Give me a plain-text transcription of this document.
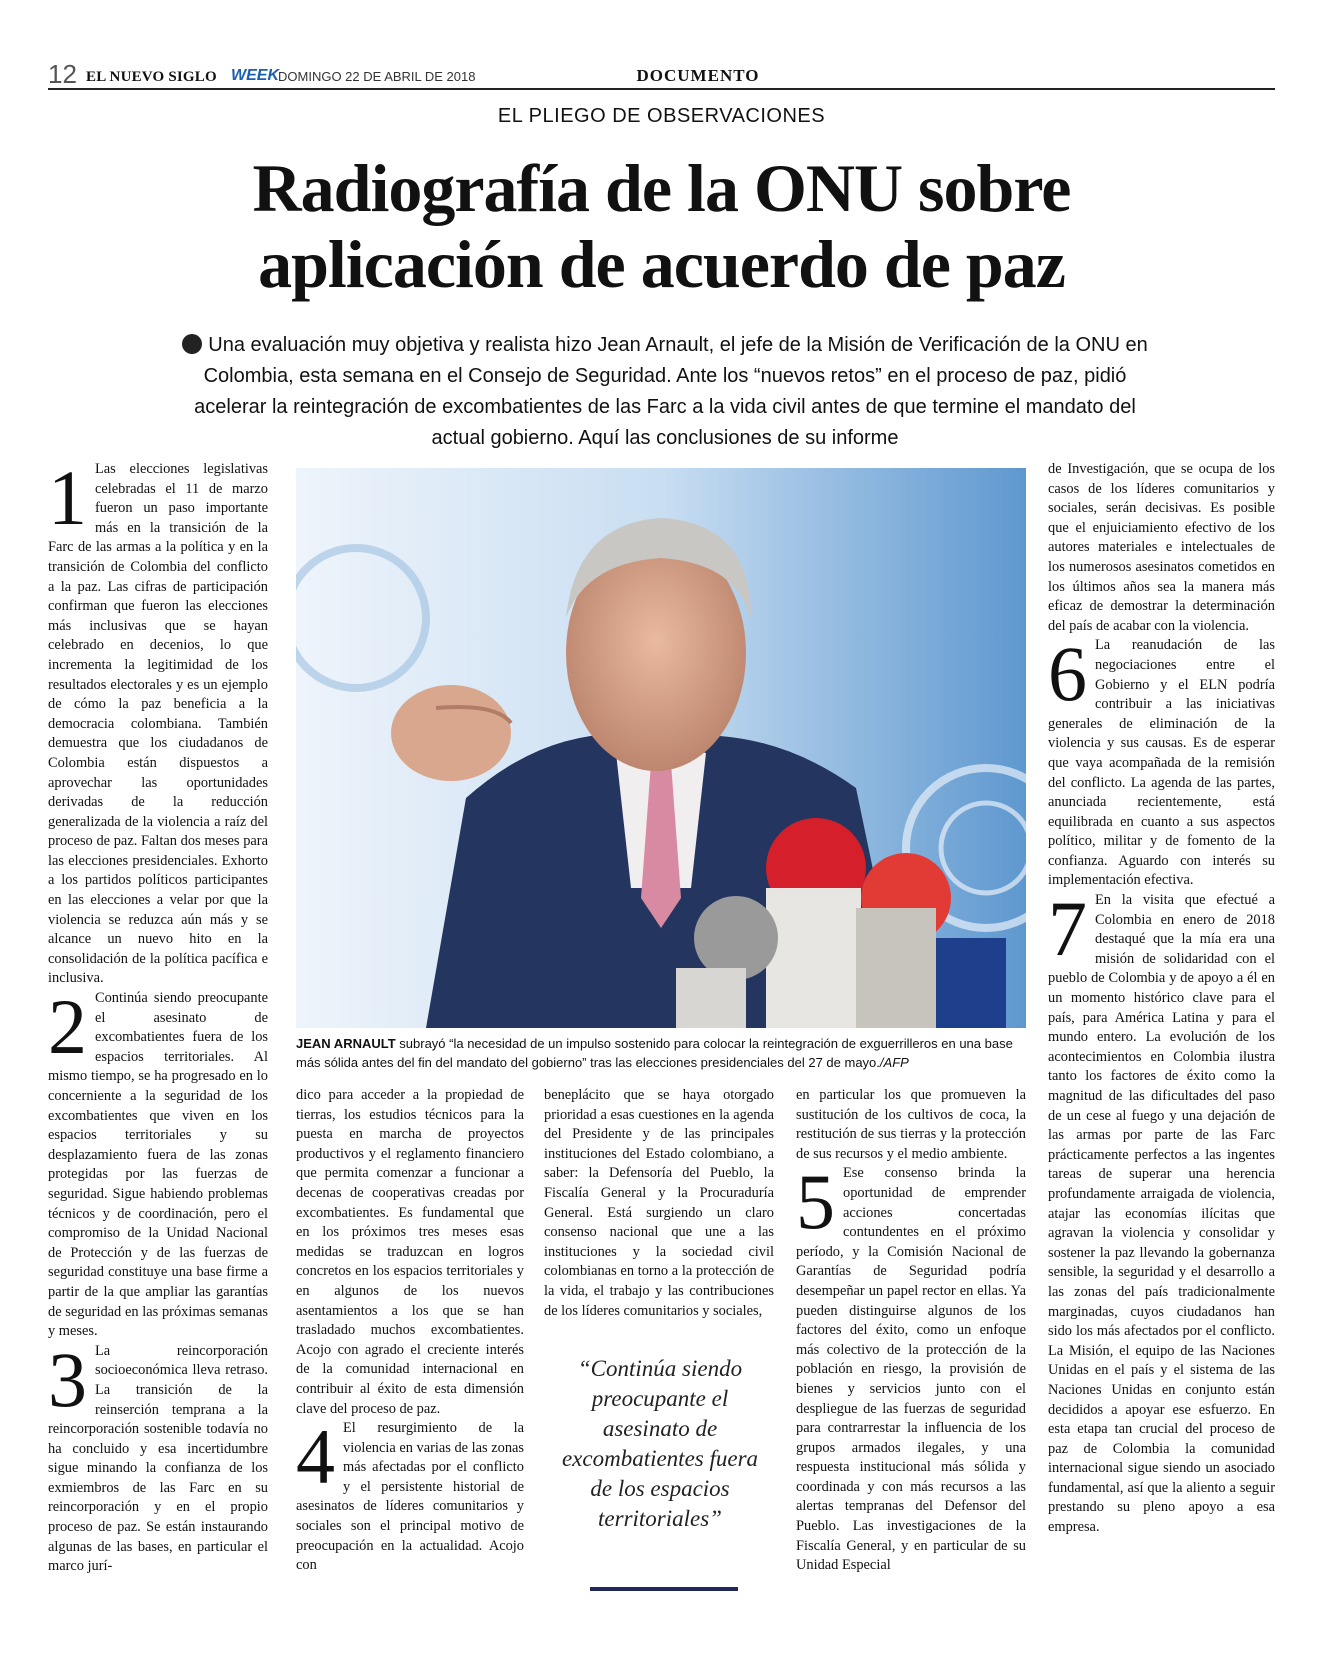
12 EL NUEVO SIGLO WEEK DOMINGO 22 DE ABRIL DE 2018	DOCUMENTO
EL PLIEGO DE OBSERVACIONES
Radiografía de la ONU sobre
aplicación de acuerdo de paz
Una evaluación muy objetiva y realista hizo Jean Arnault, el jefe de la Misión de Verificación de la ONU en Colombia, esta semana en el Consejo de Seguridad. Ante los “nuevos retos” en el proceso de paz, pidió acelerar la reintegración de excombatientes de las Farc a la vida civil antes de que termine el mandato del actual gobierno. Aquí las conclusiones de su informe

1 Las elecciones legislativas celebradas el 11 de marzo fueron un paso importante más en la transición de la Farc de las armas a la política y en la transición de Colombia del conflicto a la paz. Las cifras de participación confirman que fueron las elecciones más inclusivas que se hayan celebrado en decenios, lo que incrementa la legitimidad de los resultados electorales y es un ejemplo de cómo la paz beneficia a la democracia colombiana. También demuestra que los ciudadanos de Colombia están dispuestos a aprovechar las oportunidades derivadas de la reducción generalizada de la violencia a raíz del proceso de paz. Faltan dos meses para las elecciones presidenciales. Exhorto a los partidos políticos participantes en las elecciones a velar por que la violencia se reduzca aún más y se alcance un nuevo hito en la consolidación de la política pacífica e inclusiva.

2 Continúa siendo preocupante el asesinato de excombatientes fuera de los espacios territoriales. Al mismo tiempo, se ha progresado en lo concerniente a la seguridad de los excombatientes que viven en los espacios territoriales y su desplazamiento fuera de las zonas protegidas por las fuerzas de seguridad. Sigue habiendo problemas técnicos y de coordinación, pero el compromiso de la Unidad Nacional de Protección y de las fuerzas de seguridad constituye una base firme a partir de la que ampliar las garantías de seguridad en las próximas semanas y meses.

3 La reincorporación socioeconómica lleva retraso. La transición de la reinserción temprana a la reincorporación sostenible todavía no ha concluido y esa incertidumbre sigue minando la confianza de los exmiembros de las Farc en su reincorporación y en el propio proceso de paz. Se están instaurando algunas de las bases, en particular el marco jurí-

JEAN ARNAULT subrayó “la necesidad de un impulso sostenido para colocar la reintegración de exguerrilleros en una base más sólida antes del fin del mandato del gobierno” tras las elecciones presidenciales del 27 de mayo./AFP

dico para acceder a la propiedad de tierras, los estudios técnicos para la puesta en marcha de proyectos productivos y el reglamento financiero que permita comenzar a funcionar a decenas de cooperativas creadas por excombatientes. Es fundamental que en los próximos tres meses esas medidas se traduzcan en logros concretos en los espacios territoriales y en algunos de los nuevos asentamientos a los que se han trasladado muchos excombatientes. Acojo con agrado el creciente interés de la comunidad internacional en contribuir al éxito de esta dimensión clave del proceso de paz.

4 El resurgimiento de la violencia en varias de las zonas más afectadas por el conflicto y el persistente historial de asesinatos de líderes comunitarios y sociales son el principal motivo de preocupación en la actualidad. Acojo con

beneplácito que se haya otorgado prioridad a esas cuestiones en la agenda del Presidente y de las principales instituciones del Estado colombiano, a saber: la Defensoría del Pueblo, la Fiscalía General y la Procuraduría General. Está surgiendo un claro consenso nacional que une a las instituciones y la sociedad civil colombianas en torno a la protección de la vida, el trabajo y las contribuciones de los líderes comunitarios y sociales,

“Continúa siendo preocupante el asesinato de excombatientes fuera de los espacios territoriales”

en particular los que promueven la sustitución de los cultivos de coca, la restitución de sus tierras y la protección de sus recursos y el medio ambiente.

5 Ese consenso brinda la oportunidad de emprender acciones concertadas contundentes en el próximo período, y la Comisión Nacional de Garantías de Seguridad podría desempeñar un papel rector en ellas. Ya pueden distinguirse algunos de los factores del éxito, como un enfoque más colectivo de la protección de la población en riesgo, la provisión de bienes y servicios junto con el despliegue de las fuerzas de seguridad para contrarrestar la influencia de los grupos armados ilegales, y una respuesta institucional más sólida y coordinada y con más recursos a las alertas tempranas del Defensor del Pueblo. Las investigaciones de la Fiscalía General, y en particular de su Unidad Especial

de Investigación, que se ocupa de los casos de los líderes comunitarios y sociales, serán decisivas. Es posible que el enjuiciamiento efectivo de los autores materiales e intelectuales de los numerosos asesinatos cometidos en los últimos años sea la manera más eficaz de demostrar la determinación del país de acabar con la violencia.

6 La reanudación de las negociaciones entre el Gobierno y el ELN podría contribuir a las iniciativas generales de eliminación de la violencia y sus causas. Es de esperar que vaya acompañada de la remisión del conflicto. La agenda de las partes, anunciada recientemente, está equilibrada en cuanto a sus aspectos político, militar y de fomento de la confianza. Aguardo con interés su implementación efectiva.

7 En la visita que efectué a Colombia en enero de 2018 destaqué que la mía era una misión de solidaridad con el pueblo de Colombia y de apoyo a él en un momento histórico clave para el país, para América Latina y para el mundo entero. La evolución de los acontecimientos en Colombia ilustra tanto los factores de éxito como la magnitud de las dificultades del paso de un cese al fuego y una dejación de las armas por parte de las Farc prácticamente perfectos a las ingentes tareas de superar una herencia profundamente arraigada de violencia, atajar las economías ilícitas que agravan la violencia y consolidar y sostener la paz llevando la gobernanza sensible, la seguridad y el desarrollo a las zonas del país tradicionalmente marginadas, cuyos ciudadanos han sido los más afectados por el conflicto. La Misión, el equipo de las Naciones Unidas en el país y el sistema de las Naciones Unidas en conjunto están decididos a apoyar ese esfuerzo. En esta etapa tan crucial del proceso de paz de Colombia la comunidad internacional sigue siendo un asociado fundamental, así que la aliento a seguir prestando su pleno apoyo a esa empresa.
